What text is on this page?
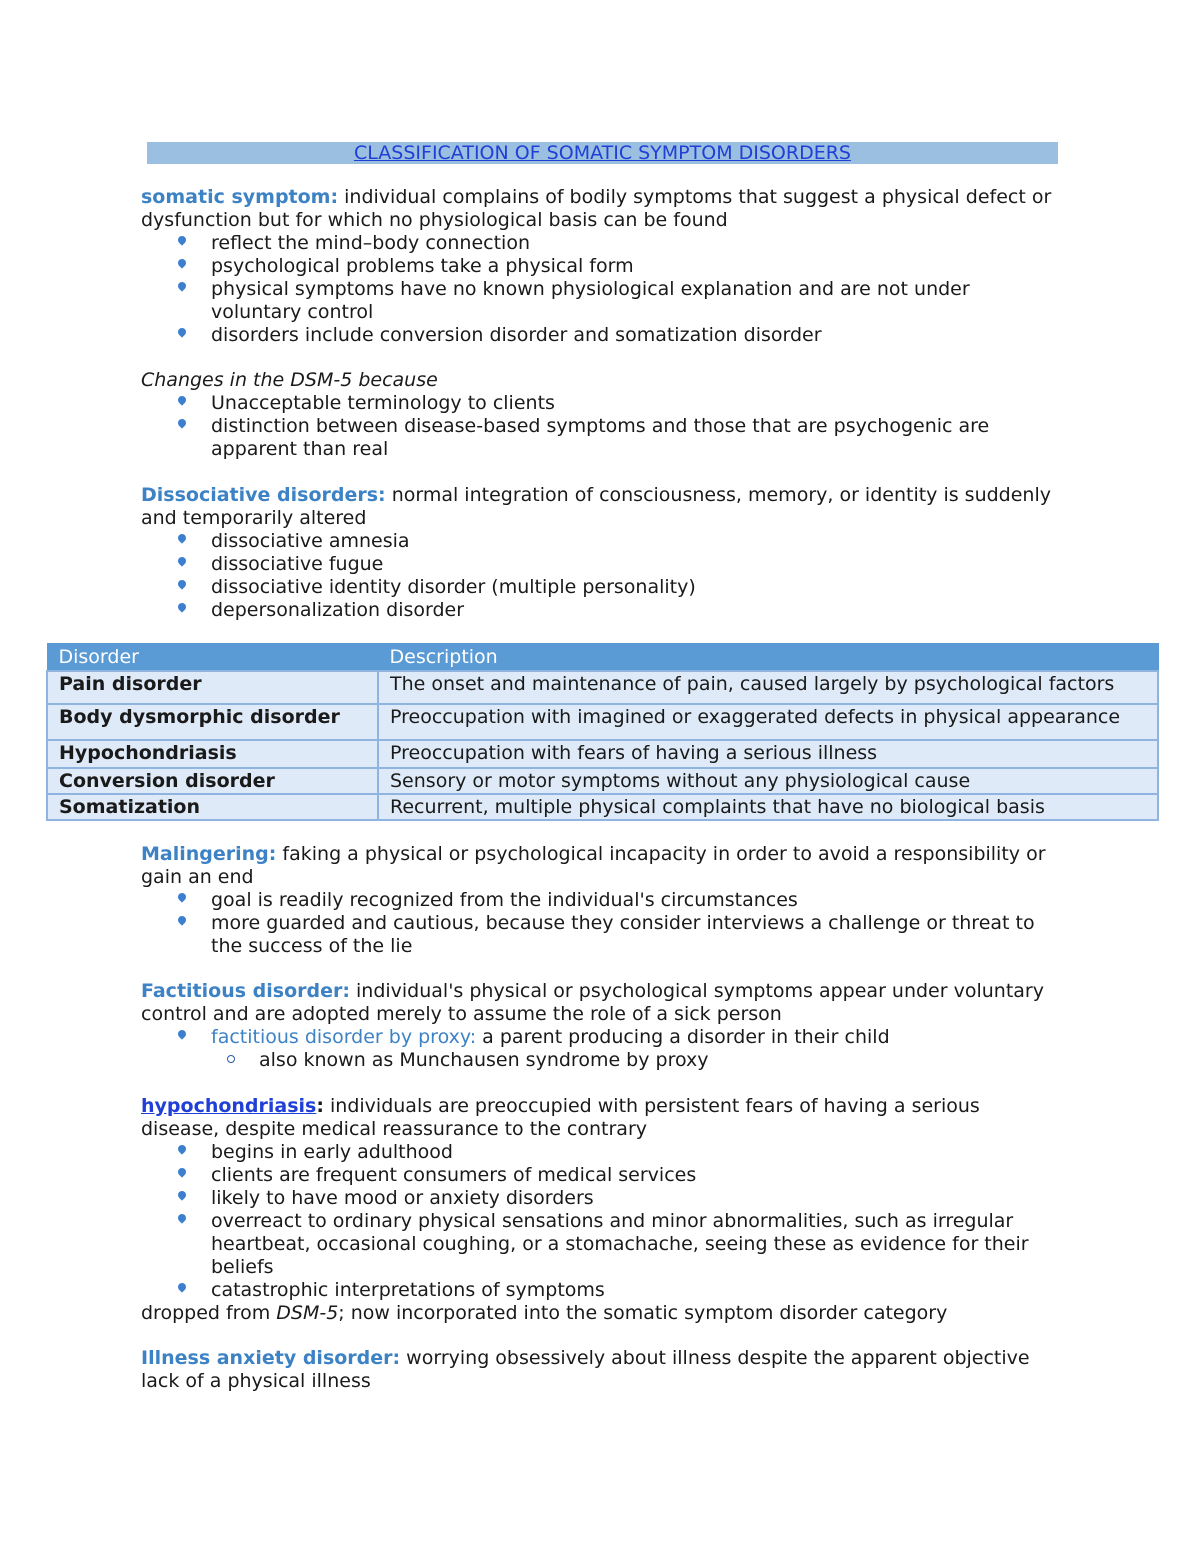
CLASSIFICATION OF SOMATIC SYMPTOM DISORDERS

somatic symptom: individual complains of bodily symptoms that suggest a physical defect or dysfunction but for which no physiological basis can be found

reflect the mind–body connection
psychological problems take a physical form
physical symptoms have no known physiological explanation and are not under voluntary control
disorders include conversion disorder and somatization disorder

Changes in the DSM-5 because

Unacceptable terminology to clients
distinction between disease-based symptoms and those that are psychogenic are apparent than real

Dissociative disorders: normal integration of consciousness, memory, or identity is suddenly and temporarily altered

dissociative amnesia
dissociative fugue
dissociative identity disorder (multiple personality)
depersonalization disorder
Disorder	Description
Pain disorder	The onset and maintenance of pain, caused largely by psychological factors
Body dysmorphic disorder	Preoccupation with imagined or exaggerated defects in physical appearance
Hypochondriasis	Preoccupation with fears of having a serious illness
Conversion disorder	Sensory or motor symptoms without any physiological cause
Somatization	Recurrent, multiple physical complaints that have no biological basis

Malingering: faking a physical or psychological incapacity in order to avoid a responsibility or gain an end

goal is readily recognized from the individual's circumstances
more guarded and cautious, because they consider interviews a challenge or threat to the success of the lie

Factitious disorder: individual's physical or psychological symptoms appear under voluntary control and are adopted merely to assume the role of a sick person

factitious disorder by proxy: a parent producing a disorder in their child
also known as Munchausen syndrome by proxy

hypochondriasis: individuals are preoccupied with persistent fears of having a serious disease, despite medical reassurance to the contrary

begins in early adulthood
clients are frequent consumers of medical services
likely to have mood or anxiety disorders
overreact to ordinary physical sensations and minor abnormalities, such as irregular heartbeat, occasional coughing, or a stomachache, seeing these as evidence for their beliefs
catastrophic interpretations of symptoms

dropped from DSM-5; now incorporated into the somatic symptom disorder category

Illness anxiety disorder: worrying obsessively about illness despite the apparent objective lack of a physical illness
